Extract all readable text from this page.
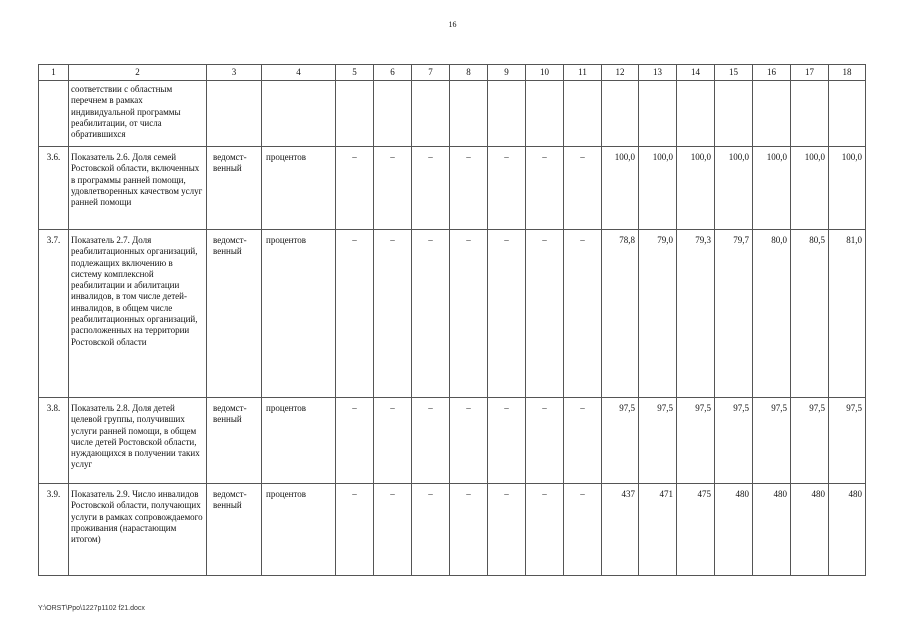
16
1	2	3	4	5	6	7	8	9	10	11	12	13	14	15	16	17	18
	соответствии с областным перечнем в рамках индивидуальной программы реабилитации, от числа обратившихся																
3.6.	Показатель 2.6. Доля семей Ростовской области, включенных в программы ранней помощи, удовлетворенных качеством услуг ранней помощи	ведомст-венный	процентов	–	–	–	–	–	–	–	100,0	100,0	100,0	100,0	100,0	100,0	100,0
3.7.	Показатель 2.7. Доля реабилитационных организаций, подлежащих включению в систему комплексной реабилитации и абилитации инвалидов, в том числе детей-инвалидов, в общем числе реабилитационных организаций, расположенных на территории Ростовской области	ведомст-венный	процентов	–	–	–	–	–	–	–	78,8	79,0	79,3	79,7	80,0	80,5	81,0
3.8.	Показатель 2.8. Доля детей целевой группы, получивших услуги ранней помощи, в общем числе детей Ростовской области, нуждающихся в получении таких услуг	ведомст-венный	процентов	–	–	–	–	–	–	–	97,5	97,5	97,5	97,5	97,5	97,5	97,5
3.9.	Показатель 2.9. Число инвалидов Ростовской области, получающих услуги в рамках сопровождаемого проживания (нарастающим итогом)	ведомст-венный	процентов	–	–	–	–	–	–	–	437	471	475	480	480	480	480
Y:\ORST\Ppo\1227p1102 f21.docx
